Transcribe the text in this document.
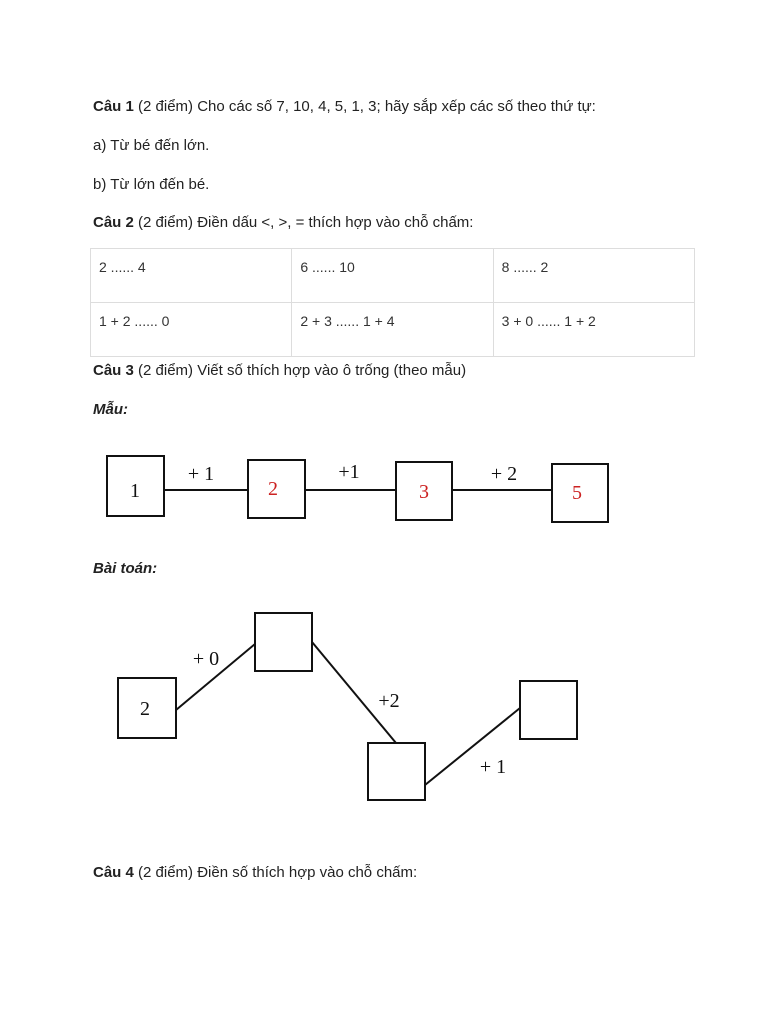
Câu 1 (2 điểm) Cho các số 7, 10, 4, 5, 1, 3; hãy sắp xếp các số theo thứ tự:
a) Từ bé đến lớn.
b) Từ lớn đến bé.
Câu 2 (2 điểm) Điền dấu <, >, = thích hợp vào chỗ chấm:
2 ...... 4	6 ...... 10	8 ...... 2

1 + 2 ...... 0	2 + 3 ...... 1 + 4	3 + 0 ...... 1 + 2
Câu 3 (2 điểm) Viết số thích hợp vào ô trống (theo mẫu)
Mẫu:
1	2	3	5
+ 1	+1	+ 2
Bài toán:
2
+ 0
+2
+ 1
Câu 4 (2 điểm) Điền số thích hợp vào chỗ chấm:
